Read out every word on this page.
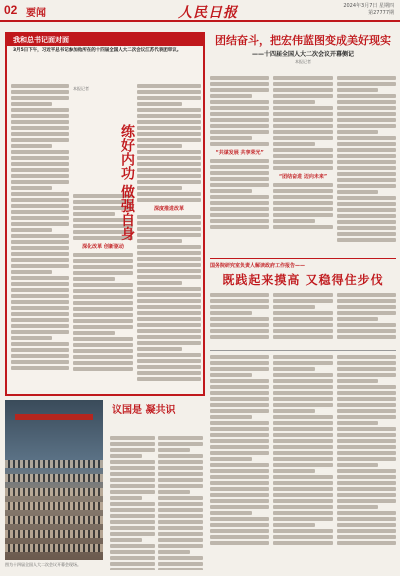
02 要闻	人民日报	2024年3月7日 星期四
第27777期
我和总书记面对面
3月5日下午，习近平总书记参加他所在的十四届全国人大二次会议江苏代表团审议。
深化改革 创新驱动
本报记者
练好内功 做强自身	深度推进改革
团结奋斗，把宏伟蓝图变成美好现实
——十四届全国人大二次会议开幕侧记
本报记者
“共谋发展 共享荣光”
“团结奋进 迈向未来”
国务院研究室负责人解读政府工作报告——
既践起来摸高 又稳得住步伐
图为十四届全国人大二次会议开幕会现场。
议国是 凝共识
